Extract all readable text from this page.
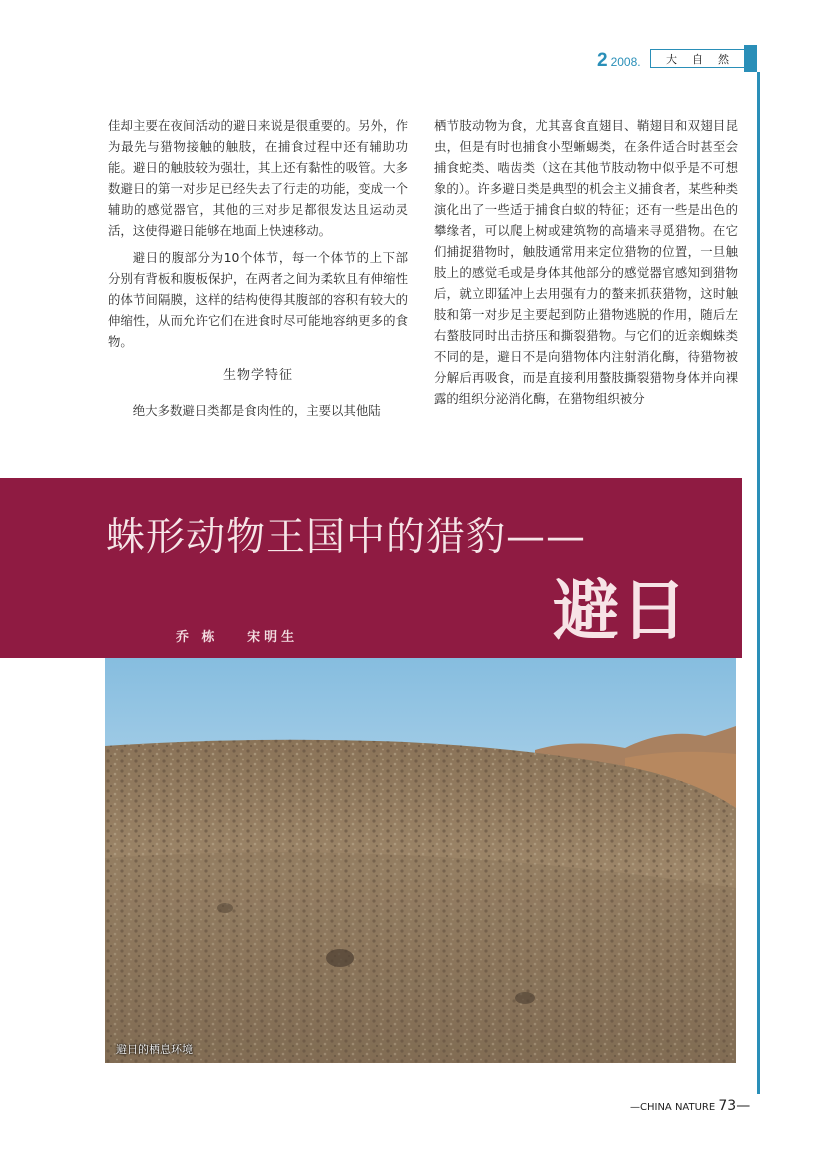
2 2008.	大自然

佳却主要在夜间活动的避日来说是很重要的。另外，作为最先与猎物接触的触肢，在捕食过程中还有辅助功能。避日的触肢较为强壮，其上还有黏性的吸管。大多数避日的第一对步足已经失去了行走的功能，变成一个辅助的感觉器官，其他的三对步足都很发达且运动灵活，这使得避日能够在地面上快速移动。

避日的腹部分为10个体节，每一个体节的上下部分别有背板和腹板保护，在两者之间为柔软且有伸缩性的体节间隔膜，这样的结构使得其腹部的容积有较大的伸缩性，从而允许它们在进食时尽可能地容纳更多的食物。

生物学特征

绝大多数避日类都是食肉性的，主要以其他陆

栖节肢动物为食，尤其喜食直翅目、鞘翅目和双翅目昆虫，但是有时也捕食小型蜥蜴类，在条件适合时甚至会捕食蛇类、啮齿类（这在其他节肢动物中似乎是不可想象的）。许多避日类是典型的机会主义捕食者，某些种类演化出了一些适于捕食白蚁的特征；还有一些是出色的攀缘者，可以爬上树或建筑物的高墙来寻觅猎物。在它们捕捉猎物时，触肢通常用来定位猎物的位置，一旦触肢上的感觉毛或是身体其他部分的感觉器官感知到猎物后，就立即猛冲上去用强有力的螯来抓获猎物，这时触肢和第一对步足主要起到防止猎物逃脱的作用，随后左右螯肢同时出击挤压和撕裂猎物。与它们的近亲蜘蛛类不同的是，避日不是向猎物体内注射消化酶，待猎物被分解后再吸食，而是直接利用螯肢撕裂猎物身体并向裸露的组织分泌消化酶，在猎物组织被分

蛛形动物王国中的猎豹——
避日
乔 栋 宋明生
避日的栖息环境
—CHINA NATURE 73—
